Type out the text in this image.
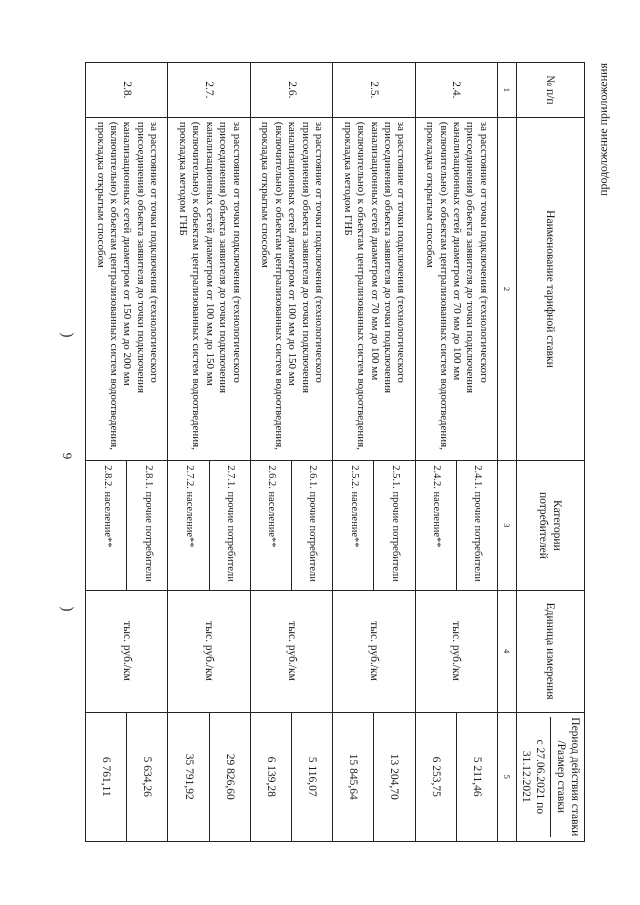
(
6
(
продолжение приложения
№ п/п	Наименование тарифной ставки	Категории потребителей	Единица измерения	Период действия ставки /Размер ставки
с 27.06.2021 по 31.12.2021

1	2	3	4	5
2.4.	за расстояние от точки подключения (технологического присоединения) объекта заявителя до точки подключения канализационных сетей диаметром от 70 мм до 100 мм (включительно) к объектам централизованных систем водоотведения, прокладка открытым способом	2.4.1. прочие потребители	тыс. руб./км	5 211,46
		2.4.2. население**		6 253,75
2.5.	за расстояние от точки подключения (технологического присоединения) объекта заявителя до точки подключения канализационных сетей диаметром от 70 мм до 100 мм (включительно) к объектам централизованных систем водоотведения, прокладка методом ГНБ	2.5.1. прочие потребители	тыс. руб./км	13 204,70
		2.5.2. население**		15 845,64
2.6.	за расстояние от точки подключения (технологического присоединения) объекта заявителя до точки подключения канализационных сетей диаметром от 100 мм до 150 мм (включительно) к объектам централизованных систем водоотведения, прокладка открытым способом	2.6.1. прочие потребители	тыс. руб./км	5 116,07
		2.6.2. население**		6 139,28
2.7.	за расстояние от точки подключения (технологического присоединения) объекта заявителя до точки подключения канализационных сетей диаметром от 100 мм до 150 мм (включительно) к объектам централизованных систем водоотведения, прокладка методом ГНБ	2.7.1. прочие потребители	тыс. руб./км	29 826,60
		2.7.2. население**		35 791,92
2.8.	за расстояние от точки подключения (технологического присоединения) объекта заявителя до точки подключения канализационных сетей диаметром от 150 мм до 200 мм (включительно) к объектам централизованных систем водоотведения, прокладка открытым способом	2.8.1. прочие потребители	тыс. руб./км	5 634,26
		2.8.2. население**		6 761,11
